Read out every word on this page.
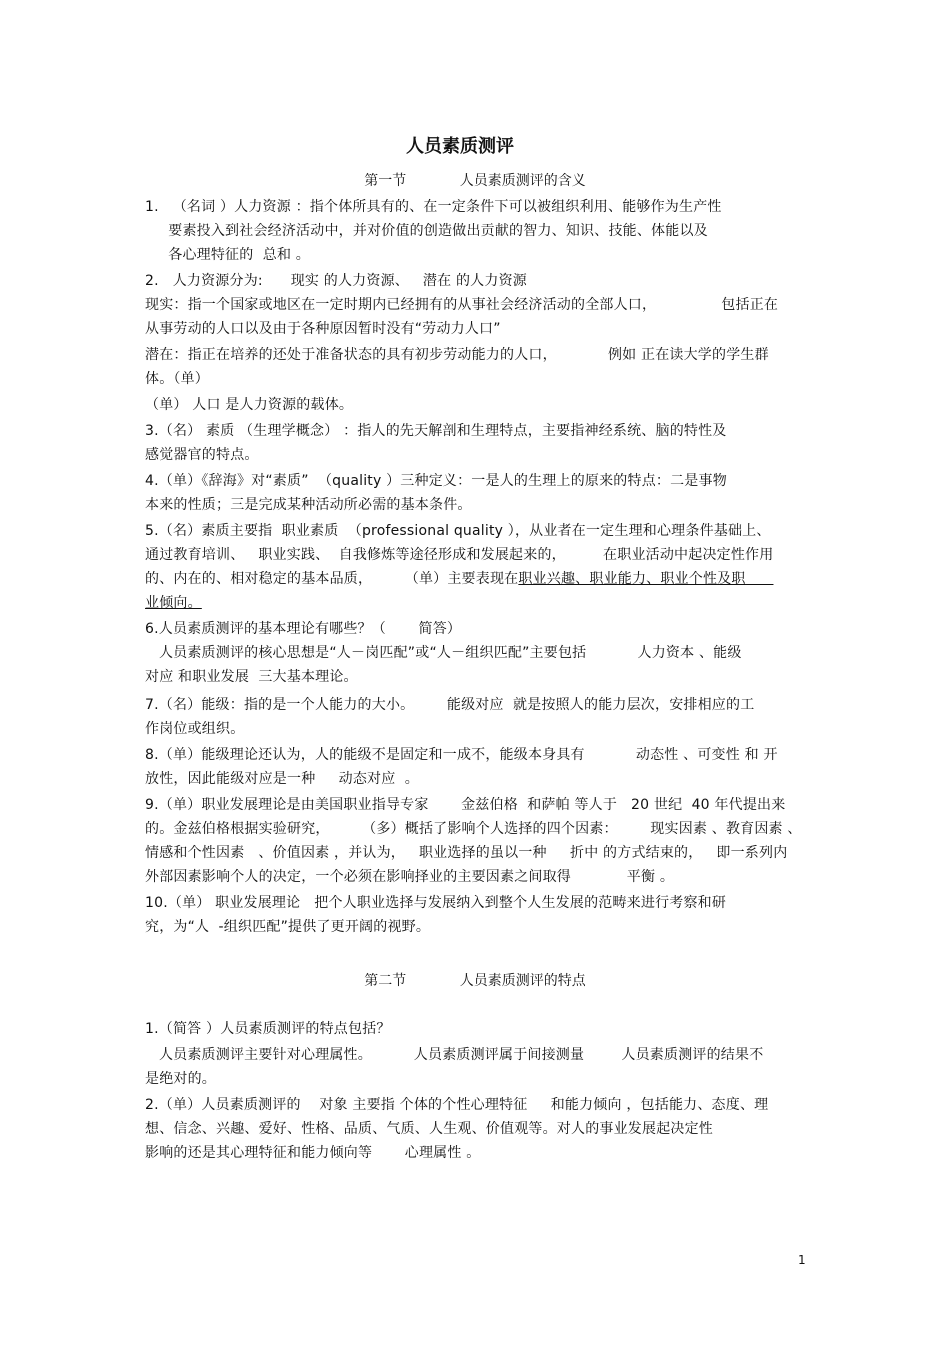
人员素质测评
第一节            人员素质测评的含义
1.   （名词 ）人力资源 ：指个体所具有的、在一定条件下可以被组织利用、能够作为生产性
要素投入到社会经济活动中，并对价值的创造做出贡献的智力、知识、技能、体能以及
各心理特征的  总和 。
2.   人力资源分为:      现实 的人力资源、   潜在 的人力资源
现实：指一个国家或地区在一定时期内已经拥有的从事社会经济活动的全部人口，              包括正在
从事劳动的人口以及由于各种原因暂时没有“劳动力人口”
潜在：指正在培养的还处于准备状态的具有初步劳动能力的人口，           例如 正在读大学的学生群
体。（单）
（单） 人口 是人力资源的载体。
3.（名） 素质 （生理学概念） ：指人的先天解剖和生理特点，主要指神经系统、脑的特性及
感觉器官的特点。
4.（单）《辞海》对“素质”  （quality ）三种定义：一是人的生理上的原来的特点：二是事物
本来的性质；三是完成某种活动所必需的基本条件。
5.（名）素质主要指  职业素质  （professional quality ），从业者在一定生理和心理条件基础上、
通过教育培训、   职业实践、  自我修炼等途径形成和发展起来的，        在职业活动中起决定性作用
的、内在的、相对稳定的基本品质，       （单）主要表现在职业兴趣、职业能力、职业个性及职
业倾向。
6.人员素质测评的基本理论有哪些？（       简答）
人员素质测评的核心思想是“人－岗匹配”或“人－组织匹配”主要包括           人力资本 、能级
对应 和职业发展  三大基本理论。
7.（名）能级：指的是一个人能力的大小。       能级对应  就是按照人的能力层次，安排相应的工
作岗位或组织。
8.（单）能级理论还认为，人的能级不是固定和一成不，能级本身具有           动态性 、可变性 和 开
放性，因此能级对应是一种     动态对应  。
9.（单）职业发展理论是由美国职业指导专家       金兹伯格  和萨帕 等人于   20 世纪  40 年代提出来
的。金兹伯格根据实验研究，       （多）概括了影响个人选择的四个因素：       现实因素 、教育因素 、
情感和个性因素   、价值因素 ，并认为，   职业选择的虽以一种     折中 的方式结束的，   即一系列内
外部因素影响个人的决定，一个必须在影响择业的主要因素之间取得            平衡 。
10.（单） 职业发展理论   把个人职业选择与发展纳入到整个人生发展的范畴来进行考察和研
究，为“人  -组织匹配”提供了更开阔的视野。
第二节            人员素质测评的特点
1.（简答 ）人员素质测评的特点包括？
人员素质测评主要针对心理属性。         人员素质测评属于间接测量        人员素质测评的结果不
是绝对的。
2.（单）人员素质测评的    对象 主要指 个体的个性心理特征     和能力倾向 ，包括能力、态度、理
想、信念、兴趣、爱好、性格、品质、气质、人生观、价值观等。对人的事业发展起决定性
影响的还是其心理特征和能力倾向等       心理属性 。
1
